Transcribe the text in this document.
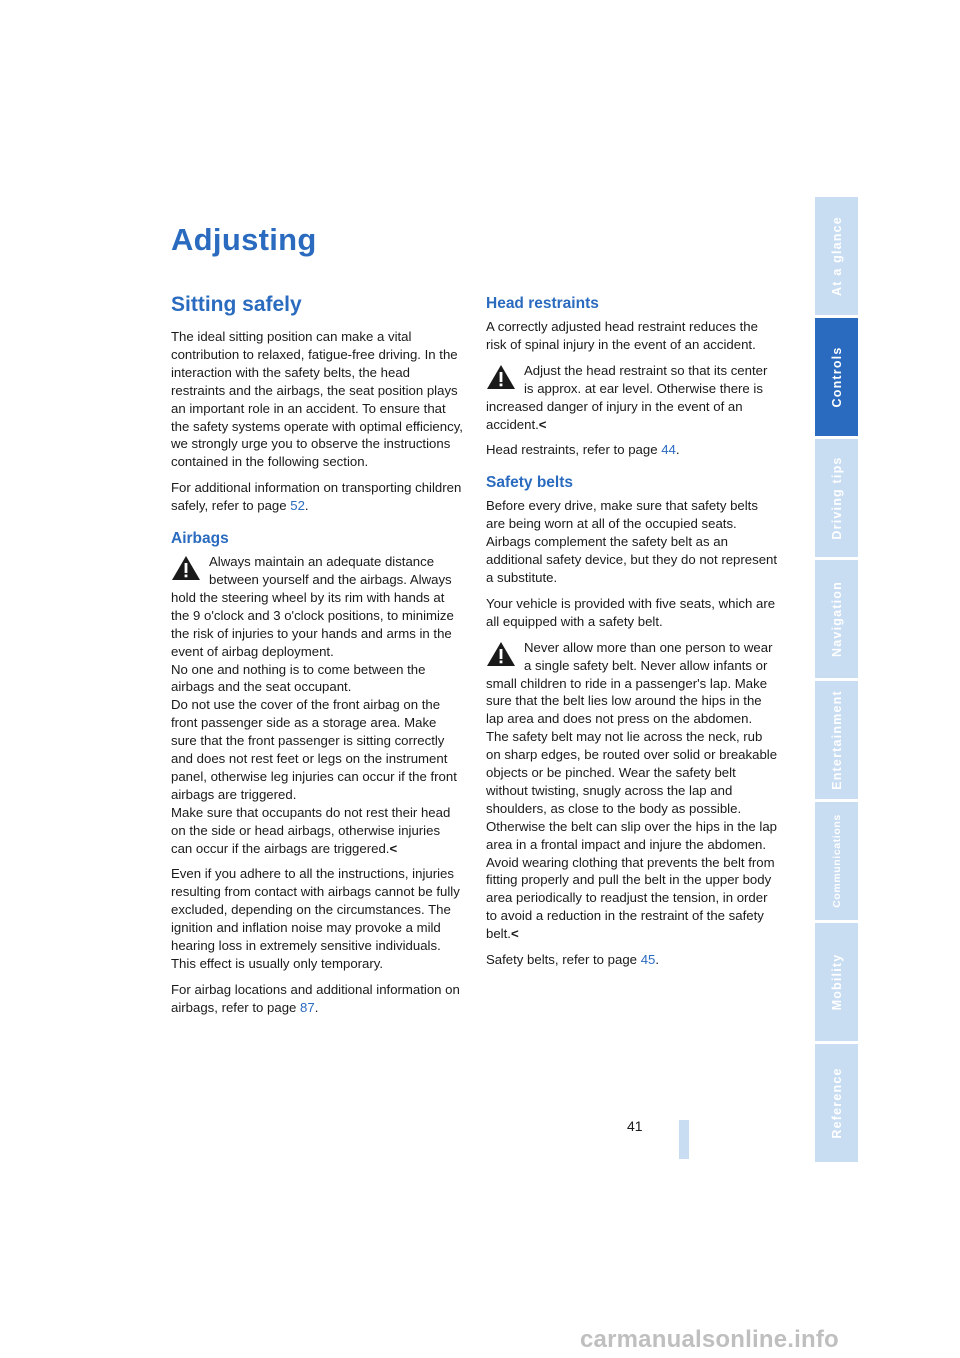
Adjusting
Sitting safely

The ideal sitting position can make a vital contribution to relaxed, fatigue-free driving. In the interaction with the safety belts, the head restraints and the airbags, the seat position plays an important role in an accident. To ensure that the safety systems operate with optimal efficiency, we strongly urge you to observe the instructions contained in the following section.

For additional information on transporting children safely, refer to page 52.

Airbags

Always maintain an adequate distance between yourself and the airbags. Always hold the steering wheel by its rim with hands at the 9 o'clock and 3 o'clock positions, to minimize the risk of injuries to your hands and arms in the event of airbag deployment.

No one and nothing is to come between the airbags and the seat occupant.

Do not use the cover of the front airbag on the front passenger side as a storage area. Make sure that the front passenger is sitting correctly and does not rest feet or legs on the instrument panel, otherwise leg injuries can occur if the front airbags are triggered.

Make sure that occupants do not rest their head on the side or head airbags, otherwise injuries can occur if the airbags are triggered.<

Even if you adhere to all the instructions, injuries resulting from contact with airbags cannot be fully excluded, depending on the circumstances. The ignition and inflation noise may provoke a mild hearing loss in extremely sensitive individuals. This effect is usually only temporary.

For airbag locations and additional information on airbags, refer to page 87.

Head restraints

A correctly adjusted head restraint reduces the risk of spinal injury in the event of an accident.

Adjust the head restraint so that its center is approx. at ear level. Otherwise there is increased danger of injury in the event of an accident.<

Head restraints, refer to page 44.

Safety belts

Before every drive, make sure that safety belts are being worn at all of the occupied seats. Airbags complement the safety belt as an additional safety device, but they do not represent a substitute.

Your vehicle is provided with five seats, which are all equipped with a safety belt.

Never allow more than one person to wear a single safety belt. Never allow infants or small children to ride in a passenger's lap. Make sure that the belt lies low around the hips in the lap area and does not press on the abdomen. The safety belt may not lie across the neck, rub on sharp edges, be routed over solid or breakable objects or be pinched. Wear the safety belt without twisting, snugly across the lap and shoulders, as close to the body as possible. Otherwise the belt can slip over the hips in the lap area in a frontal impact and injure the abdomen. Avoid wearing clothing that prevents the belt from fitting properly and pull the belt in the upper body area periodically to readjust the tension, in order to avoid a reduction in the restraint of the safety belt.<

Safety belts, refer to page 45.

41
At a glance
Controls
Driving tips
Navigation
Entertainment
Communications
Mobility
Reference
carmanualsonline.info
